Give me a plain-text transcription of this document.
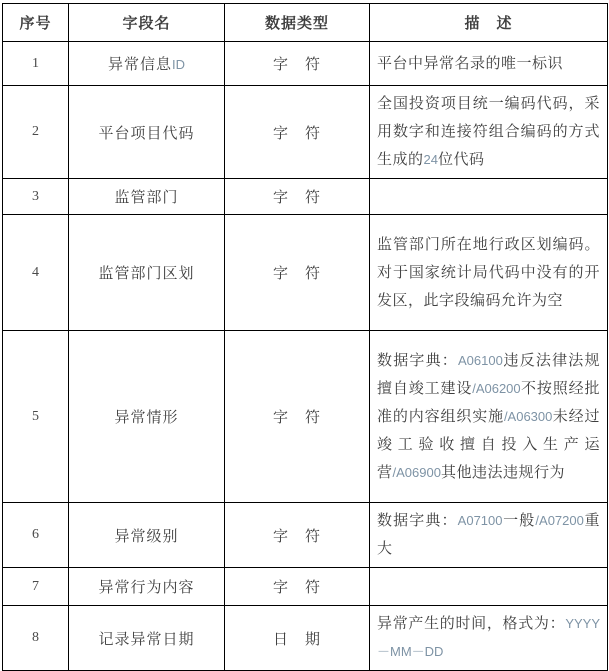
序号	字段名	数据类型	描　述
1	异常信息ID	字　符	平台中异常名录的唯一标识
2	平台项目代码	字　符	全国投资项目统一编码代码，采用数字和连接符组合编码的方式生成的24位代码
3	监管部门	字　符	
4	监管部门区划	字　符	监管部门所在地行政区划编码。对于国家统计局代码中没有的开发区，此字段编码允许为空
5	异常情形	字　符	数据字典：A06100违反法律法规擅自竣工建设/A06200不按照经批准的内容组织实施/A06300未经过竣工验收擅自投入生产运营/A06900其他违法违规行为
6	异常级别	字　符	数据字典：A07100一般/A07200重大
7	异常行为内容	字　符	
8	记录异常日期	日　期	异常产生的时间，格式为：YYYY－MM－DD
